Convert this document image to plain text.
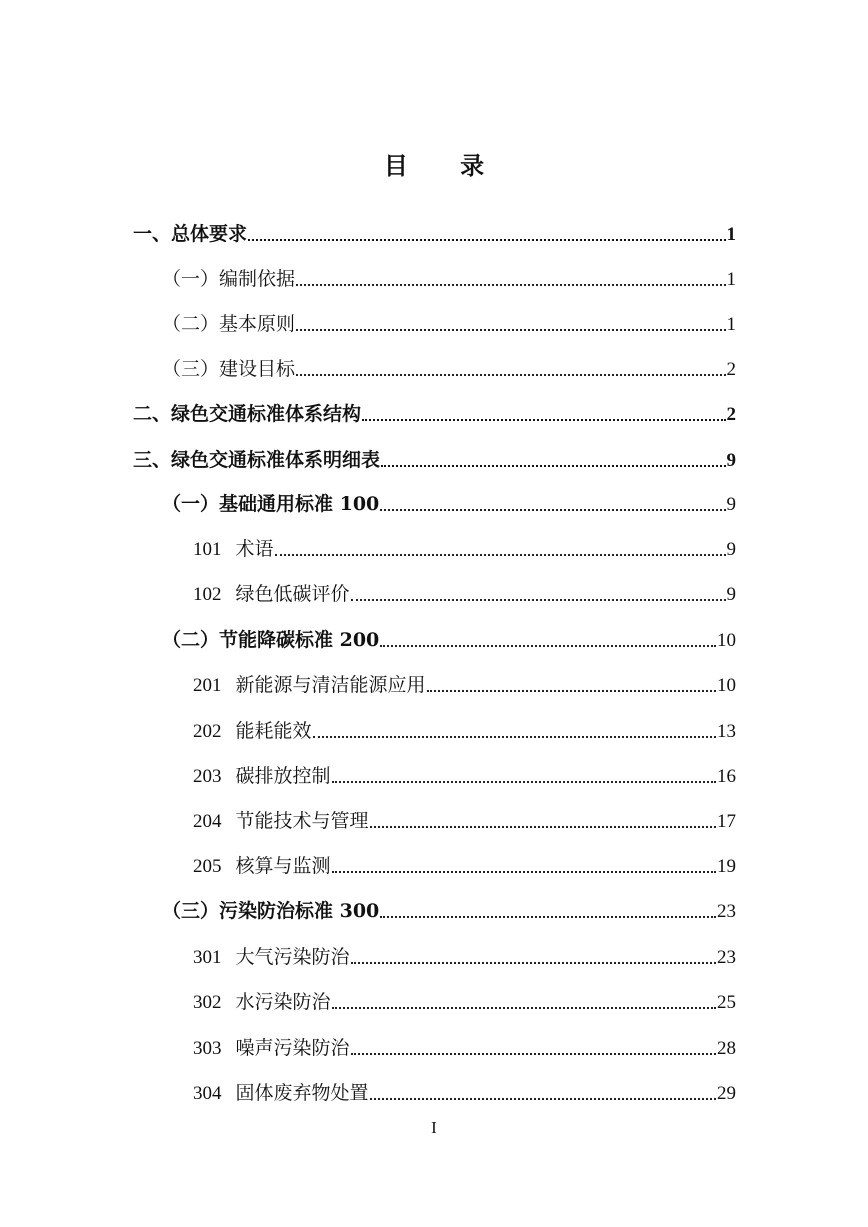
目 录
一、总体要求	1
（一）编制依据	1
（二）基本原则	1
（三）建设目标	2
二、绿色交通标准体系结构	2
三、绿色交通标准体系明细表	9
（一）基础通用标准 100	9
101 术语	9
102 绿色低碳评价	9
（二）节能降碳标准 200	10
201 新能源与清洁能源应用	10
202 能耗能效	13
203 碳排放控制	16
204 节能技术与管理	17
205 核算与监测	19
（三）污染防治标准 300	23
301 大气污染防治	23
302 水污染防治	25
303 噪声污染防治	28
304 固体废弃物处置	29
I
